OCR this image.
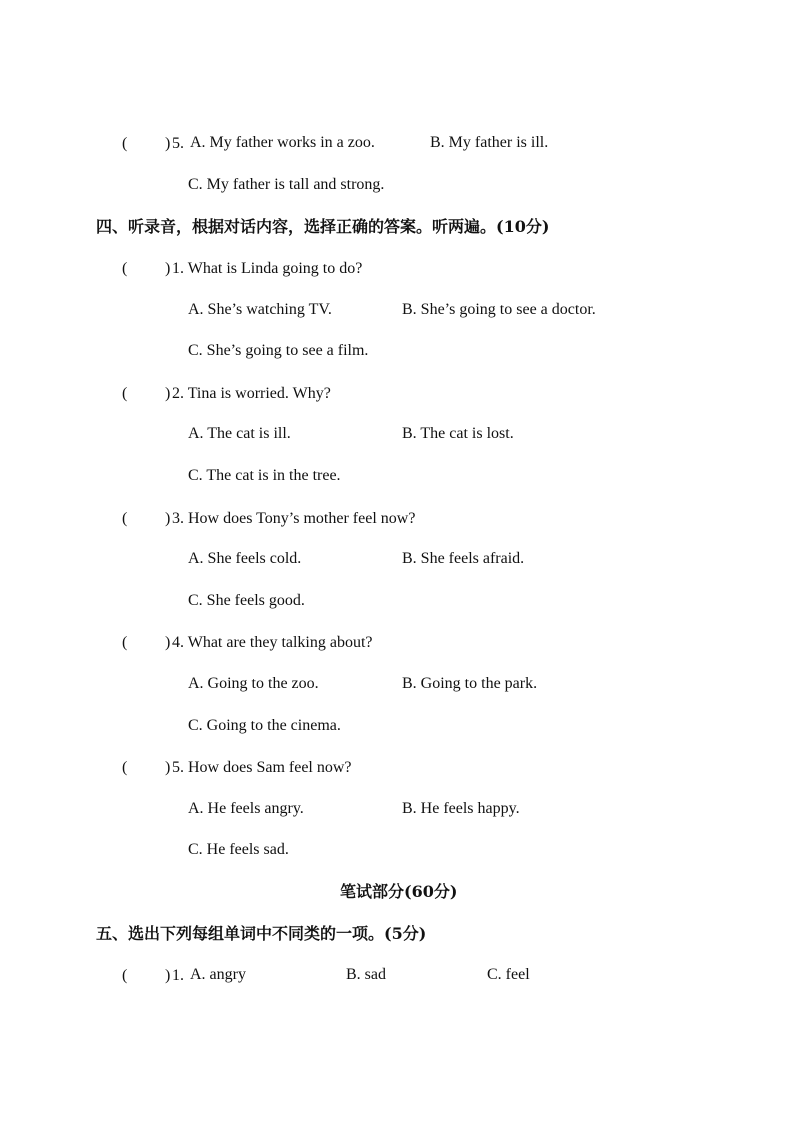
( ) 5. A. My father works in a zoo.	B. My father is ill.
C. My father is tall and strong.
四、听录音，根据对话内容，选择正确的答案。听两遍。(10分)
( ) 1. What is Linda going to do?
A. She’s watching TV.	B. She’s going to see a doctor.
C. She’s going to see a film.
( ) 2. Tina is worried. Why?
A. The cat is ill.	B. The cat is lost.
C. The cat is in the tree.
( ) 3. How does Tony’s mother feel now?
A. She feels cold.	B. She feels afraid.
C. She feels good.
( ) 4. What are they talking about?
A. Going to the zoo.	B. Going to the park.
C. Going to the cinema.
( ) 5. How does Sam feel now?
A. He feels angry.	B. He feels happy.
C. He feels sad.
笔试部分(60分)
五、选出下列每组单词中不同类的一项。(5分)
( ) 1. A. angry	B. sad	C. feel
